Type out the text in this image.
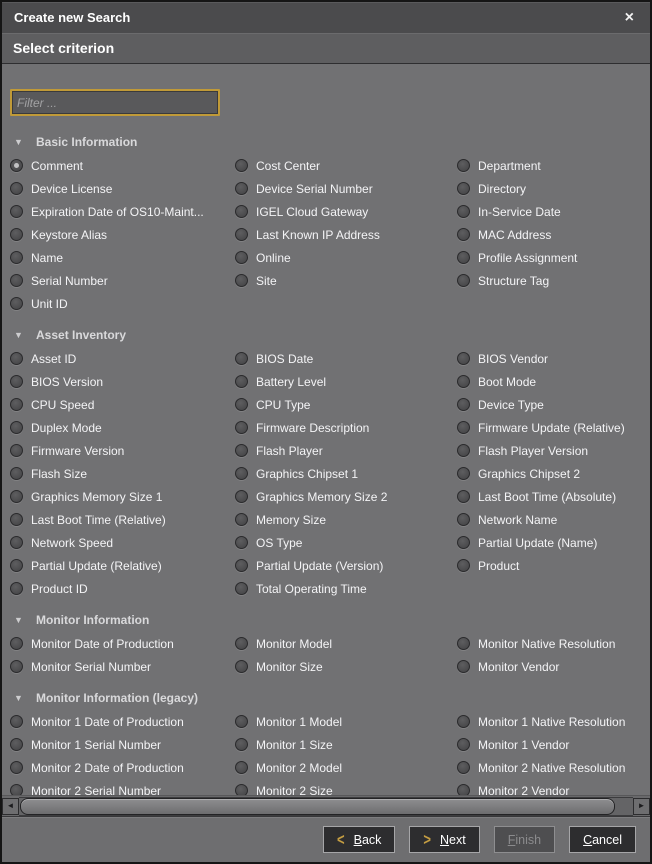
Create new Search	×
Select criterion
Filter ...
▼	Basic Information
Comment	Cost Center	Department
Device License	Device Serial Number	Directory
Expiration Date of OS10-Maint...	IGEL Cloud Gateway	In-Service Date
Keystore Alias	Last Known IP Address	MAC Address
Name	Online	Profile Assignment
Serial Number	Site	Structure Tag
Unit ID
▼	Asset Inventory
Asset ID	BIOS Date	BIOS Vendor
BIOS Version	Battery Level	Boot Mode
CPU Speed	CPU Type	Device Type
Duplex Mode	Firmware Description	Firmware Update (Relative)
Firmware Version	Flash Player	Flash Player Version
Flash Size	Graphics Chipset 1	Graphics Chipset 2
Graphics Memory Size 1	Graphics Memory Size 2	Last Boot Time (Absolute)
Last Boot Time (Relative)	Memory Size	Network Name
Network Speed	OS Type	Partial Update (Name)
Partial Update (Relative)	Partial Update (Version)	Product
Product ID	Total Operating Time
▼	Monitor Information
Monitor Date of Production	Monitor Model	Monitor Native Resolution
Monitor Serial Number	Monitor Size	Monitor Vendor
▼	Monitor Information (legacy)
Monitor 1 Date of Production	Monitor 1 Model	Monitor 1 Native Resolution
Monitor 1 Serial Number	Monitor 1 Size	Monitor 1 Vendor
Monitor 2 Date of Production	Monitor 2 Model	Monitor 2 Native Resolution
Monitor 2 Serial Number	Monitor 2 Size	Monitor 2 Vendor
◄	►
< Back	> Next	Finish	Cancel
